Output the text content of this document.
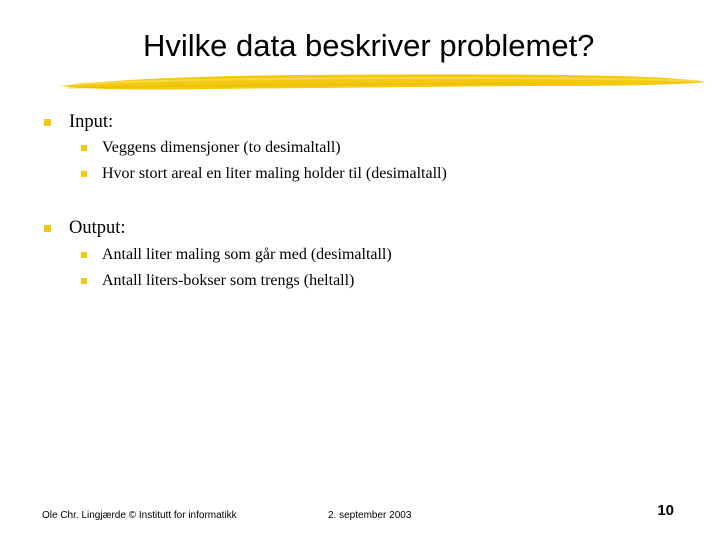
Hvilke data beskriver problemet?
Input:
Veggens dimensjoner (to desimaltall)
Hvor stort areal en liter maling holder til (desimaltall)
Output:
Antall liter maling som går med (desimaltall)
Antall liters-bokser som trengs (heltall)
Ole Chr. Lingjærde © Institutt for informatikk	2. september 2003	10
